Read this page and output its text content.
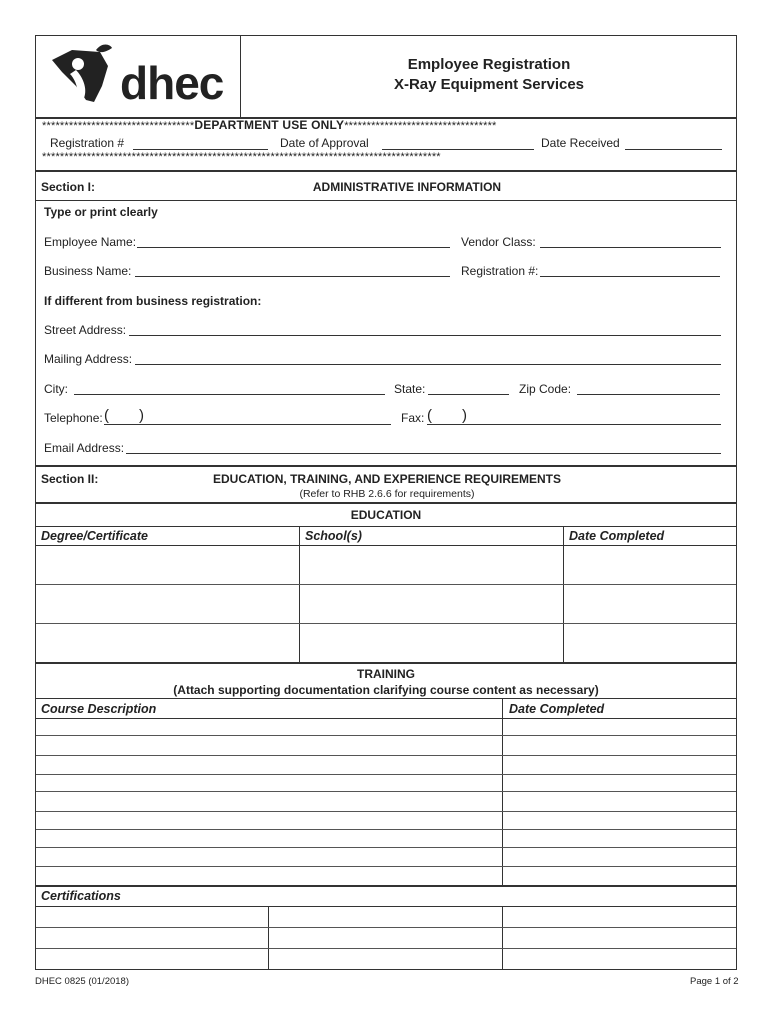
dhec	Employee Registration
X-Ray Equipment Services
**********************************DEPARTMENT USE ONLY**********************************
Registration #	Date of Approval	Date Received
*****************************************************************************************
Section I:	ADMINISTRATIVE INFORMATION
Type or print clearly
Employee Name:	Vendor Class:
Business Name:	Registration #:
If different from business registration:
Street Address:
Mailing Address:
City:	State:	Zip Code:
Telephone: ( )	Fax: ( )
Email Address:
Section II:	EDUCATION, TRAINING, AND EXPERIENCE REQUIREMENTS
(Refer to RHB 2.6.6 for requirements)
EDUCATION
Degree/Certificate	School(s)	Date Completed
TRAINING
(Attach supporting documentation clarifying course content as necessary)
Course Description	Date Completed
Certifications
DHEC 0825 (01/2018)	Page 1 of 2
